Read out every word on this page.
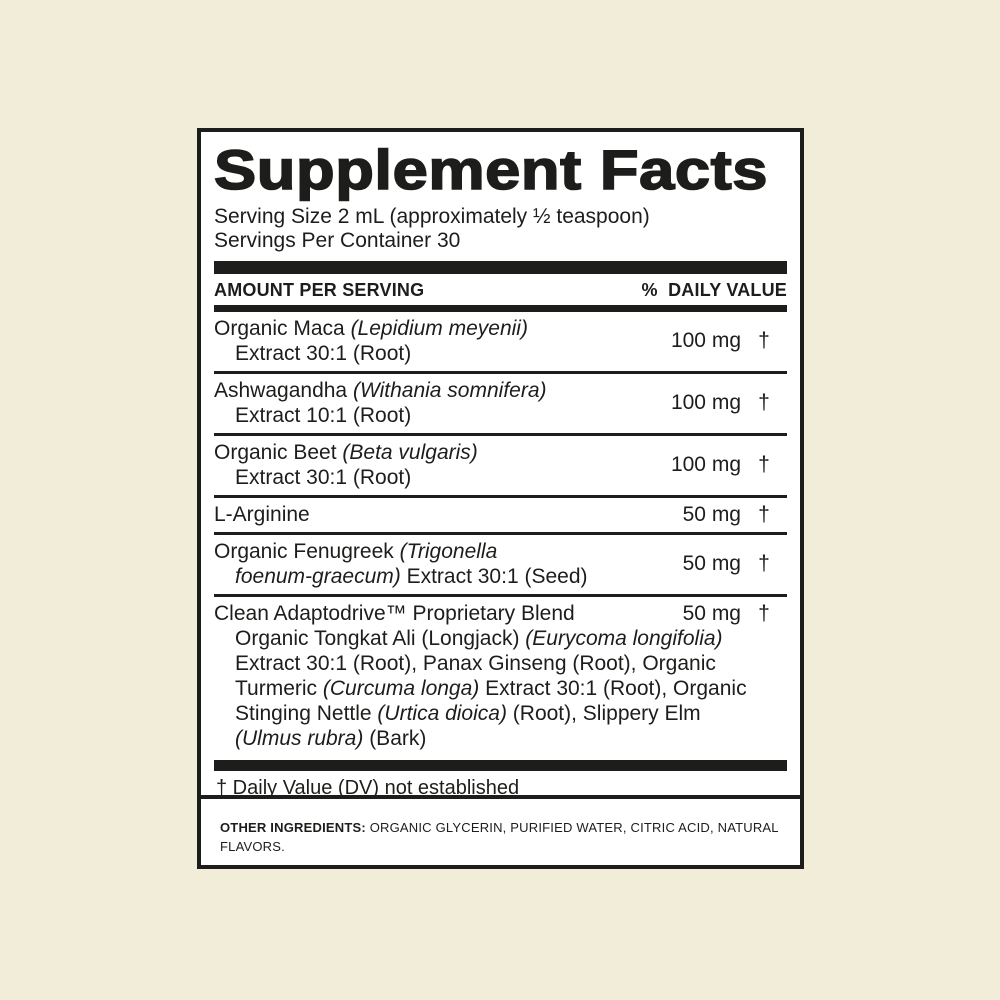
Supplement Facts
Serving Size 2 mL (approximately ½ teaspoon)
Servings Per Container 30
AMOUNT PER SERVING	%  DAILY VALUE
Organic Maca (Lepidium meyenii)
Extract 30:1 (Root)
100 mg †
Ashwagandha (Withania somnifera)
Extract 10:1 (Root)
100 mg †
Organic Beet (Beta vulgaris)
Extract 30:1 (Root)
100 mg †
L-Arginine	50 mg †
Organic Fenugreek (Trigonella
foenum-graecum) Extract 30:1 (Seed)
50 mg †
Clean Adaptodrive™ Proprietary Blend	50 mg †
Organic Tongkat Ali (Longjack) (Eurycoma longifolia)
Extract 30:1 (Root), Panax Ginseng (Root), Organic
Turmeric (Curcuma longa) Extract 30:1 (Root), Organic
Stinging Nettle (Urtica dioica) (Root), Slippery Elm
(Ulmus rubra) (Bark)
† Daily Value (DV) not established

OTHER INGREDIENTS: ORGANIC GLYCERIN, PURIFIED WATER, CITRIC ACID, NATURAL FLAVORS.
